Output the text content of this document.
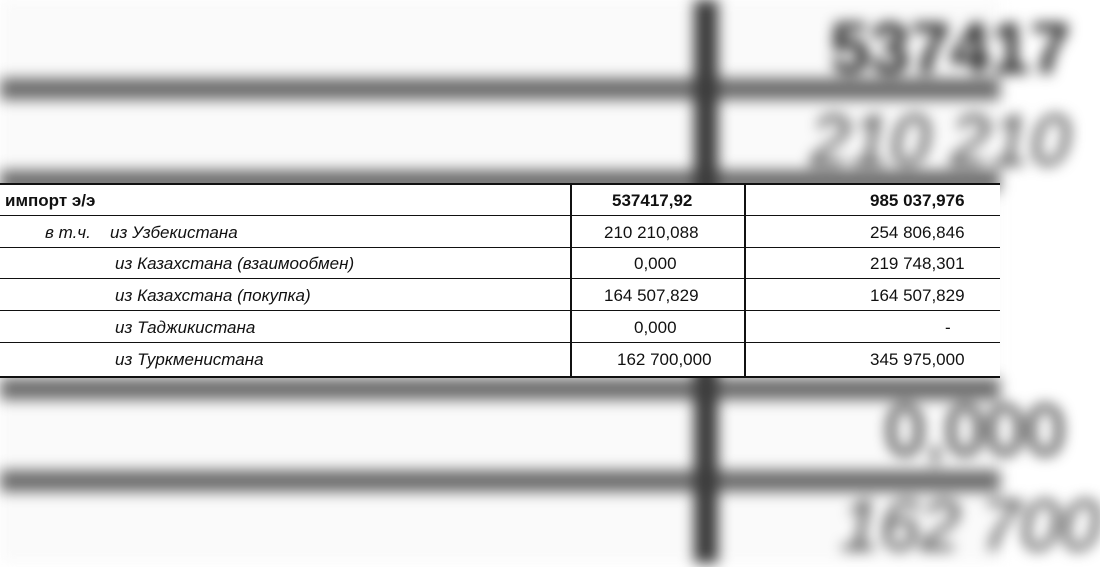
537417
210 210
0,000
162 700
импорт э/э	537417,92	985 037,976
в т.ч. из Узбекистана	210 210,088	254 806,846
из Казахстана (взаимообмен)	0,000	219 748,301
из Казахстана (покупка)	164 507,829	164 507,829
из Таджикистана	0,000	-
из Туркменистана	162 700,000	345 975,000
